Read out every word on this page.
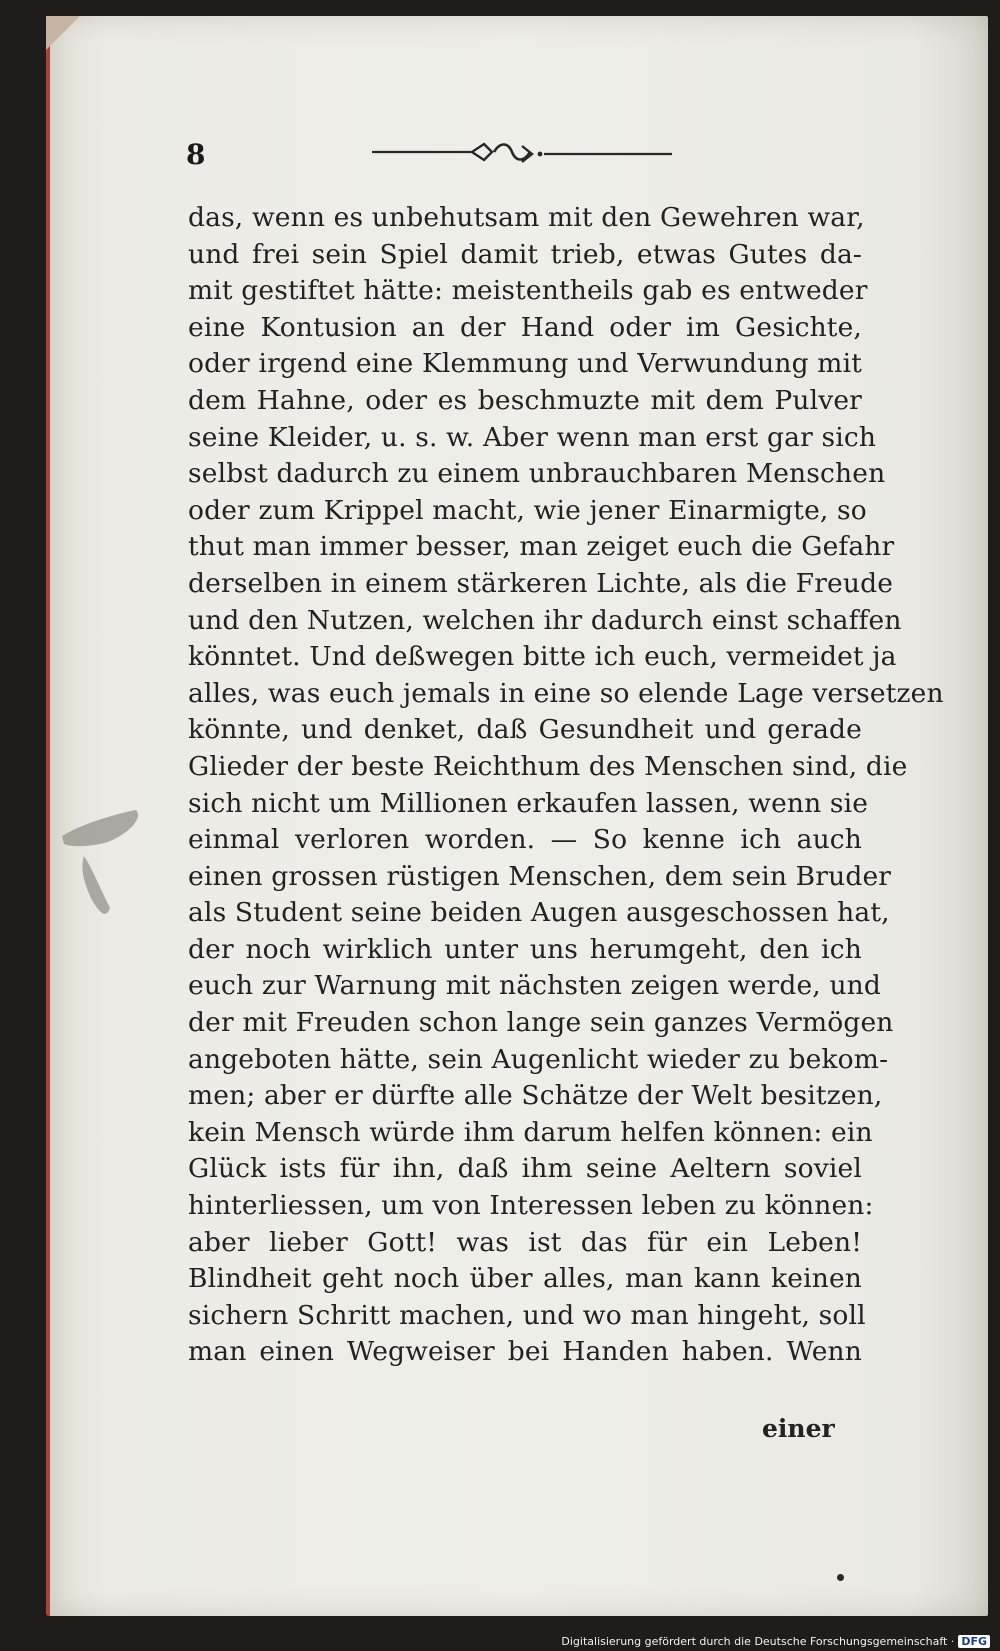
8
das, wenn es unbehutsam mit den Gewehren war,
und frei sein Spiel damit trieb, etwas Gutes da-
mit gestiftet hätte: meistentheils gab es entweder
eine Kontusion an der Hand oder im Gesichte,
oder irgend eine Klemmung und Verwundung mit
dem Hahne, oder es beschmuzte mit dem Pulver
seine Kleider, u. s. w. Aber wenn man erst gar sich
selbst dadurch zu einem unbrauchbaren Menschen
oder zum Krippel macht, wie jener Einarmigte, so
thut man immer besser, man zeiget euch die Gefahr
derselben in einem stärkeren Lichte, als die Freude
und den Nutzen, welchen ihr dadurch einst schaffen
könntet. Und deßwegen bitte ich euch, vermeidet ja
alles, was euch jemals in eine so elende Lage versetzen
könnte, und denket, daß Gesundheit und gerade
Glieder der beste Reichthum des Menschen sind, die
sich nicht um Millionen erkaufen lassen, wenn sie
einmal verloren worden. — So kenne ich auch
einen grossen rüstigen Menschen, dem sein Bruder
als Student seine beiden Augen ausgeschossen hat,
der noch wirklich unter uns herumgeht, den ich
euch zur Warnung mit nächsten zeigen werde, und
der mit Freuden schon lange sein ganzes Vermögen
angeboten hätte, sein Augenlicht wieder zu bekom-
men; aber er dürfte alle Schätze der Welt besitzen,
kein Mensch würde ihm darum helfen können: ein
Glück ists für ihn, daß ihm seine Aeltern soviel
hinterliessen, um von Interessen leben zu können:
aber lieber Gott! was ist das für ein Leben!
Blindheit geht noch über alles, man kann keinen
sichern Schritt machen, und wo man hingeht, soll
man einen Wegweiser bei Handen haben. Wenn
einer
Digitalisierung gefördert durch die Deutsche Forschungsgemeinschaft · DFG
